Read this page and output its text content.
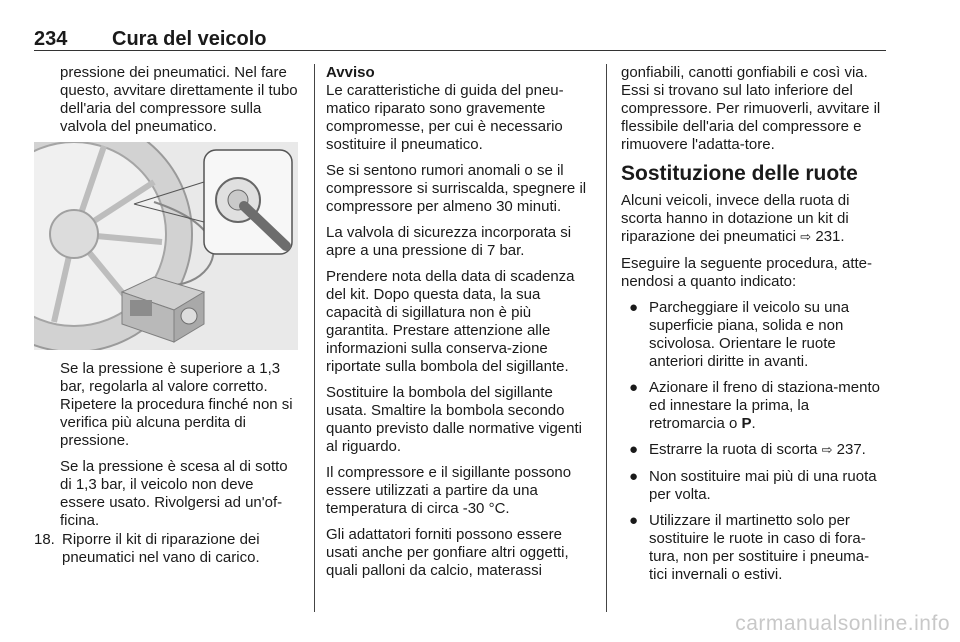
234 Cura del veicolo

pressione dei pneumatici. Nel fare questo, avvitare direttamente il tubo dell'aria del compressore sulla valvola del pneumatico.

Se la pressione è superiore a 1,3 bar, regolarla al valore corretto. Ripetere la procedura finché non si verifica più alcuna perdita di pressione.

Se la pressione è scesa al di sotto di 1,3 bar, il veicolo non deve essere usato. Rivolgersi ad un'of-ficina.

18. Riporre il kit di riparazione dei pneumatici nel vano di carico.
Avviso

Le caratteristiche di guida del pneu-matico riparato sono gravemente compromesse, per cui è necessario sostituire il pneumatico.

Se si sentono rumori anomali o se il compressore si surriscalda, spegnere il compressore per almeno 30 minuti.

La valvola di sicurezza incorporata si apre a una pressione di 7 bar.

Prendere nota della data di scadenza del kit. Dopo questa data, la sua capacità di sigillatura non è più garantita. Prestare attenzione alle informazioni sulla conserva-zione riportate sulla bombola del sigillante.

Sostituire la bombola del sigillante usata. Smaltire la bombola secondo quanto previsto dalle normative vigenti al riguardo.

Il compressore e il sigillante possono essere utilizzati a partire da una temperatura di circa -30 °C.

Gli adattatori forniti possono essere usati anche per gonfiare altri oggetti, quali palloni da calcio, materassi

gonfiabili, canotti gonfiabili e così via. Essi si trovano sul lato inferiore del compressore. Per rimuoverli, avvitare il flessibile dell'aria del compressore e rimuovere l'adatta-tore.

Sostituzione delle ruote

Alcuni veicoli, invece della ruota di scorta hanno in dotazione un kit di riparazione dei pneumatici ⇨ 231.

Eseguire la seguente procedura, atte-nendosi a quanto indicato:

● Parcheggiare il veicolo su una superficie piana, solida e non scivolosa. Orientare le ruote anteriori diritte in avanti.
● Azionare il freno di staziona-mento ed innestare la prima, la retromarcia o P.
● Estrarre la ruota di scorta ⇨ 237.
● Non sostituire mai più di una ruota per volta.
● Utilizzare il martinetto solo per sostituire le ruote in caso di fora-tura, non per sostituire i pneuma-tici invernali o estivi.
carmanualsonline.info
